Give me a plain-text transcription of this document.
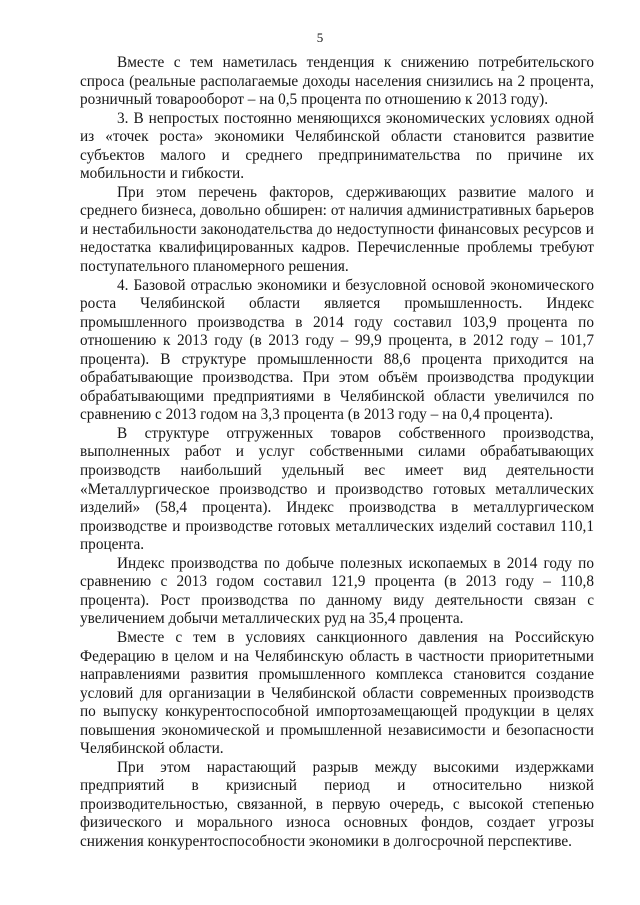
5

Вместе с тем наметилась тенденция к снижению потребительского спроса (реальные располагаемые доходы населения снизились на 2 процента, розничный товарооборот – на 0,5 процента по отношению к 2013 году).

3. В непростых постоянно меняющихся экономических условиях одной из «точек роста» экономики Челябинской области становится развитие субъектов малого и среднего предпринимательства по причине их мобильности и гибкости.

При этом перечень факторов, сдерживающих развитие малого и среднего бизнеса, довольно обширен: от наличия административных барьеров и нестабильности законодательства до недоступности финансовых ресурсов и недостатка квалифицированных кадров. Перечисленные проблемы требуют поступательного планомерного решения.

4. Базовой отраслью экономики и безусловной основой экономического роста Челябинской области является промышленность. Индекс промышленного производства в 2014 году составил 103,9 процента по отношению к 2013 году (в 2013 году – 99,9 процента, в 2012 году – 101,7 процента). В структуре промышленности 88,6 процента приходится на обрабатывающие производства. При этом объём производства продукции обрабатывающими предприятиями в Челябинской области увеличился по сравнению с 2013 годом на 3,3 процента (в 2013 году – на 0,4 процента).

В структуре отгруженных товаров собственного производства, выполненных работ и услуг собственными силами обрабатывающих производств наибольший удельный вес имеет вид деятельности «Металлургическое производство и производство готовых металлических изделий» (58,4 процента). Индекс производства в металлургическом производстве и производстве готовых металлических изделий составил 110,1 процента.

Индекс производства по добыче полезных ископаемых в 2014 году по сравнению с 2013 годом составил 121,9 процента (в 2013 году – 110,8 процента). Рост производства по данному виду деятельности связан с увеличением добычи металлических руд на 35,4 процента.

Вместе с тем в условиях санкционного давления на Российскую Федерацию в целом и на Челябинскую область в частности приоритетными направлениями развития промышленного комплекса становится создание условий для организации в Челябинской области современных производств по выпуску конкурентоспособной импортозамещающей продукции в целях повышения экономической и промышленной независимости и безопасности Челябинской области.

При этом нарастающий разрыв между высокими издержками предприятий в кризисный период и относительно низкой производительностью, связанной, в первую очередь, с высокой степенью физического и морального износа основных фондов, создает угрозы снижения конкурентоспособности экономики в долгосрочной перспективе.
